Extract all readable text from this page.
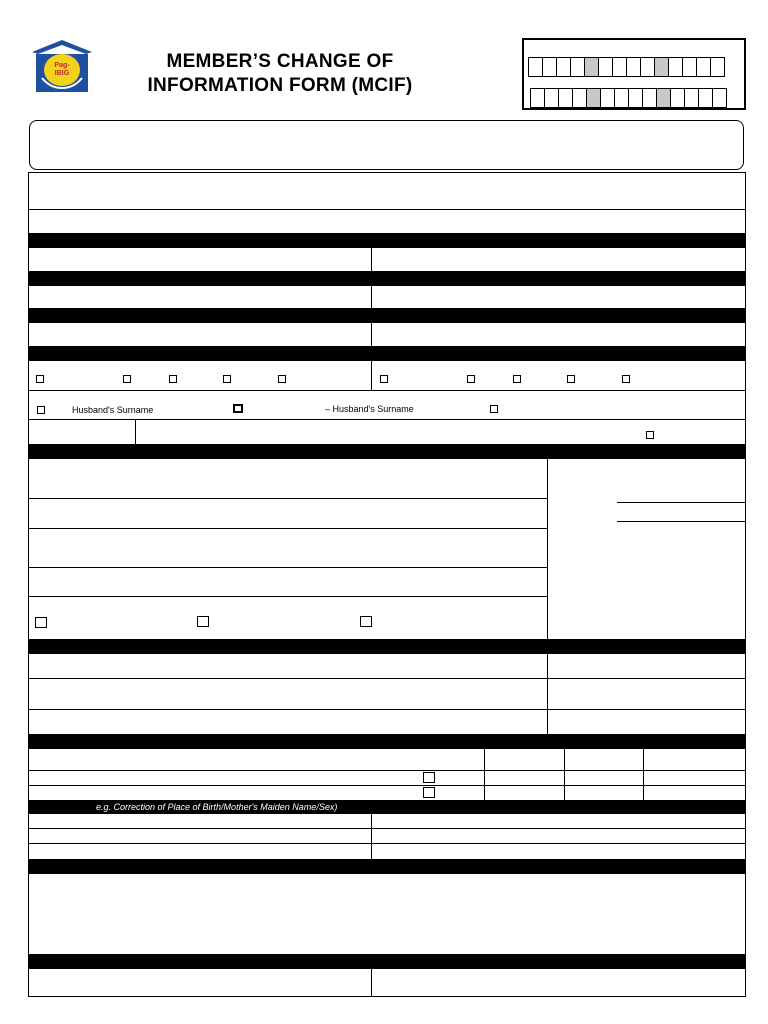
Pag-
IBIG
MEMBER’S CHANGE OF
INFORMATION FORM (MCIF)
Husband's Surname	– Husband's Surname
e.g. Correction of Place of Birth/Mother's Maiden Name/Sex)
